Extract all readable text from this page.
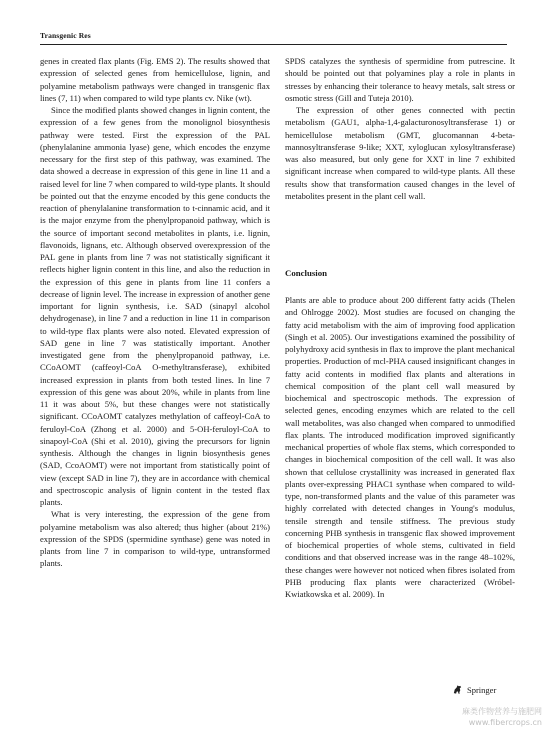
Transgenic Res

genes in created flax plants (Fig. EMS 2). The results showed that expression of selected genes from hemicellulose, lignin, and polyamine metabolism pathways were changed in transgenic flax lines (7, 11) when compared to wild type plants cv. Nike (wt).

Since the modified plants showed changes in lignin content, the expression of a few genes from the monolignol biosynthesis pathway were tested. First the expression of the PAL (phenylalanine ammonia lyase) gene, which encodes the enzyme necessary for the first step of this pathway, was examined. The data showed a decrease in expression of this gene in line 11 and a raised level for line 7 when compared to wild-type plants. It should be pointed out that the enzyme encoded by this gene conducts the reaction of phenylalanine transformation to t-cinnamic acid, and it is the major enzyme from the phenylpropanoid pathway, which is the source of important second metabolites in plants, i.e. lignin, flavonoids, lignans, etc. Although observed overexpression of the PAL gene in plants from line 7 was not statistically significant it reflects higher lignin content in this line, and also the reduction in the expression of this gene in plants from line 11 confers a decrease of lignin level. The increase in expression of another gene important for lignin synthesis, i.e. SAD (sinapyl alcohol dehydrogenase), in line 7 and a reduction in line 11 in comparison to wild-type flax plants were also noted. Elevated expression of SAD gene in line 7 was statistically important. Another investigated gene from the phenylpropanoid pathway, i.e. CCoAOMT (caffeoyl-CoA O-methyltransferase), exhibited increased expression in plants from both tested lines. In line 7 expression of this gene was about 20%, while in plants from line 11 it was about 5%, but these changes were not statistically significant. CCoAOMT catalyzes methylation of caffeoyl-CoA to feruloyl-CoA (Zhong et al. 2000) and 5-OH-feruloyl-CoA to sinapoyl-CoA (Shi et al. 2010), giving the precursors for lignin synthesis. Although the changes in lignin biosynthesis genes (SAD, CcoAOMT) were not important from statistically point of view (except SAD in line 7), they are in accordance with chemical and spectroscopic analysis of lignin content in the tested flax plants.

What is very interesting, the expression of the gene from polyamine metabolism was also altered; thus higher (about 21%) expression of the SPDS (spermidine synthase) gene was noted in plants from line 7 in comparison to wild-type, untransformed plants.

SPDS catalyzes the synthesis of spermidine from putrescine. It should be pointed out that polyamines play a role in plants in stresses by enhancing their tolerance to heavy metals, salt stress or osmotic stress (Gill and Tuteja 2010).

The expression of other genes connected with pectin metabolism (GAU1, alpha-1,4-galacturonosyltransferase 1) or hemicellulose metabolism (GMT, glucomannan 4-beta-mannosyltransferase 9-like; XXT, xyloglucan xylosyltransferase) was also measured, but only gene for XXT in line 7 exhibited significant increase when compared to wild-type plants. All these results show that transformation caused changes in the level of metabolites present in the plant cell wall.

Conclusion

Plants are able to produce about 200 different fatty acids (Thelen and Ohlrogge 2002). Most studies are focused on changing the fatty acid metabolism with the aim of improving food application (Singh et al. 2005). Our investigations examined the possibility of polyhydroxy acid synthesis in flax to improve the plant mechanical properties. Production of mcl-PHA caused insignificant changes in fatty acid contents in modified flax plants and alterations in chemical composition of the plant cell wall measured by biochemical and spectroscopic methods. The expression of selected genes, encoding enzymes which are related to the cell wall metabolites, was also changed when compared to unmodified flax plants. The introduced modification improved significantly mechanical properties of whole flax stems, which corresponded to changes in biochemical composition of the cell wall. It was also shown that cellulose crystallinity was increased in generated flax plants over-expressing PHAC1 synthase when compared to wild-type, non-transformed plants and the value of this parameter was highly correlated with detected changes in Young's modulus, tensile strength and tensile stiffness. The previous study concerning PHB synthesis in transgenic flax showed improvement of biochemical properties of whole stems, cultivated in field conditions and that observed increase was in the range 48–102%, these changes were however not noticed when fibres isolated from PHB producing flax plants were characterized (Wróbel-Kwiatkowska et al. 2009). In

Springer
麻类作物营养与施肥网
www.fibercrops.cn
